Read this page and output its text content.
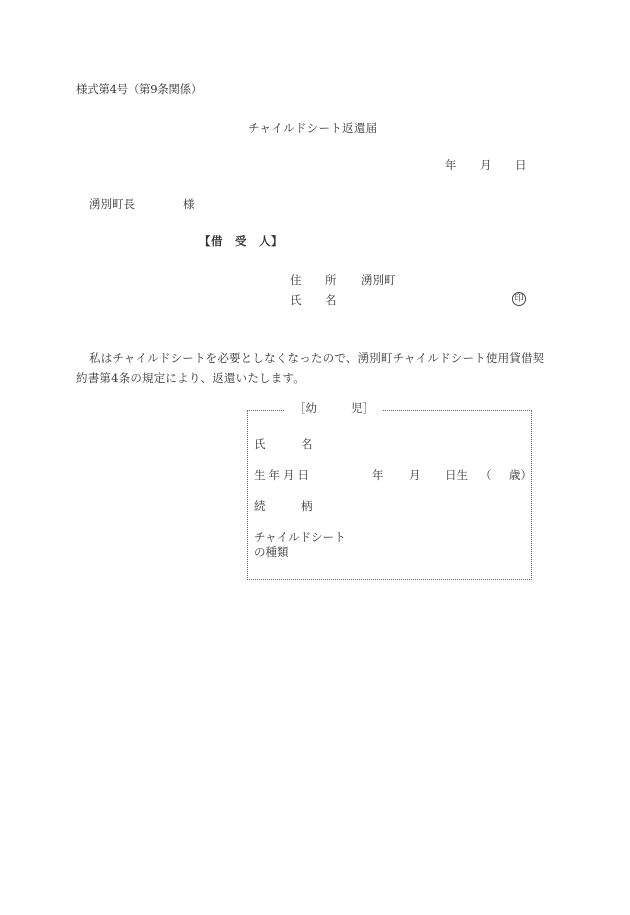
様式第4号（第9条関係）
チャイルドシート返還届
年 月 日
湧別町長	様
【借　受　人】
住 所 湧別町
氏 名	印
私はチャイルドシートを必要としなくなったので、湧別町チャイルドシート使用貸借契約書第4条の規定により、返還いたします。
［幼	児］
氏	名
生年月日	年 月 日生 （ 歳）
続	柄
チャイルドシート
の種類
